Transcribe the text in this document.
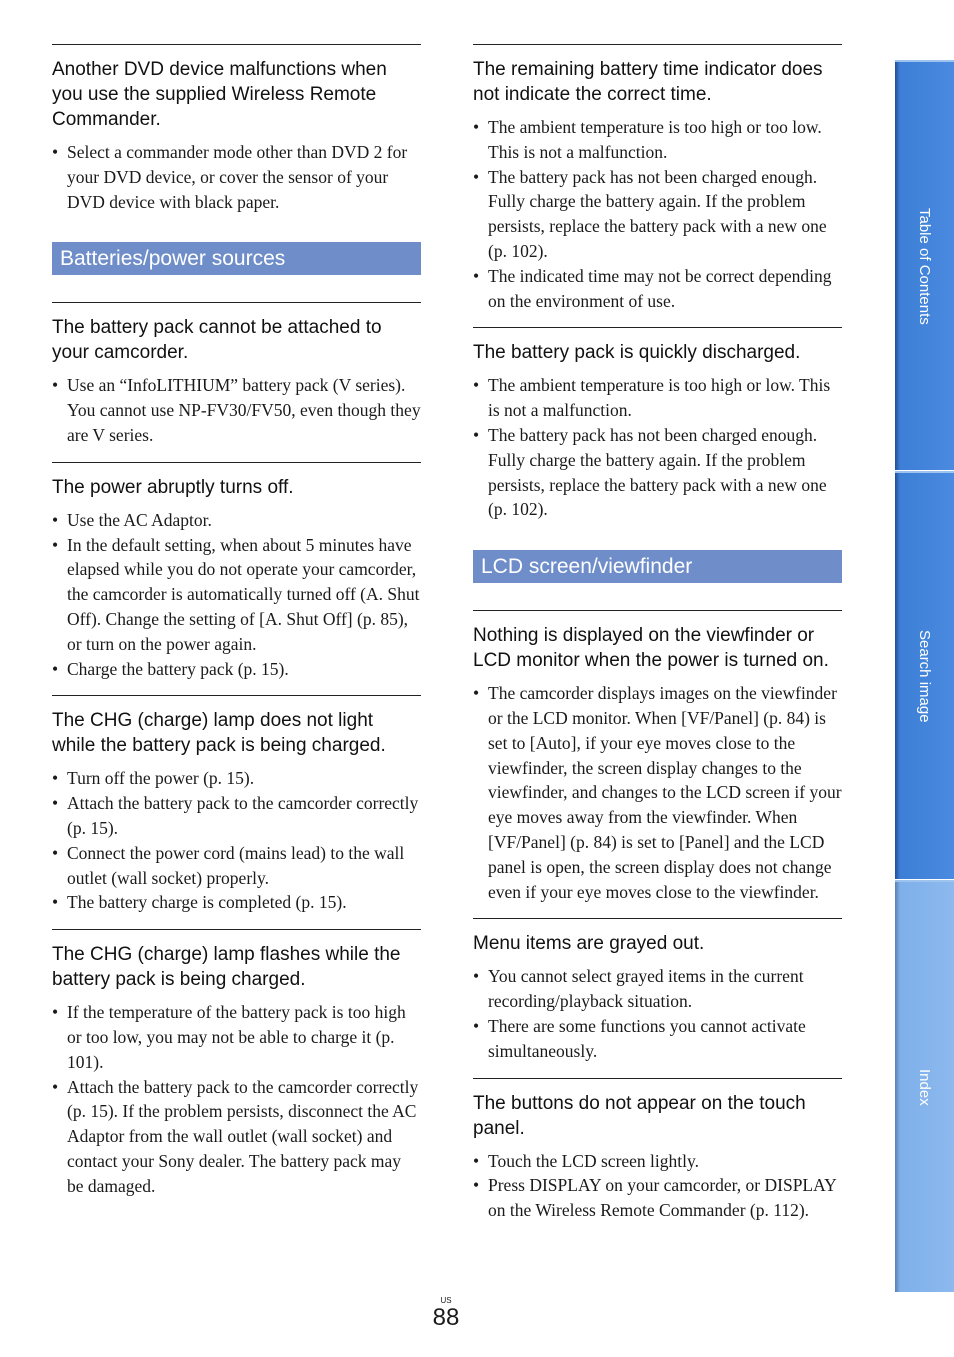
Another DVD device malfunctions when you use the supplied Wireless Remote Commander.

• Select a commander mode other than DVD 2 for your DVD device, or cover the sensor of your DVD device with black paper.
Batteries/power sources

The battery pack cannot be attached to your camcorder.

• Use an “InfoLITHIUM” battery pack (V series). You cannot use NP-FV30/FV50, even though they are V series.

The power abruptly turns off.

• Use the AC Adaptor.
• In the default setting, when about 5 minutes have elapsed while you do not operate your camcorder, the camcorder is automatically turned off (A. Shut Off). Change the setting of [A. Shut Off] (p. 85), or turn on the power again.
• Charge the battery pack (p. 15).

The CHG (charge) lamp does not light while the battery pack is being charged.

• Turn off the power (p. 15).
• Attach the battery pack to the camcorder correctly (p. 15).
• Connect the power cord (mains lead) to the wall outlet (wall socket) properly.
• The battery charge is completed (p. 15).

The CHG (charge) lamp flashes while the battery pack is being charged.

• If the temperature of the battery pack is too high or too low, you may not be able to charge it (p. 101).
• Attach the battery pack to the camcorder correctly (p. 15). If the problem persists, disconnect the AC Adaptor from the wall outlet (wall socket) and contact your Sony dealer. The battery pack may be damaged.

The remaining battery time indicator does not indicate the correct time.

• The ambient temperature is too high or too low. This is not a malfunction.
• The battery pack has not been charged enough. Fully charge the battery again. If the problem persists, replace the battery pack with a new one (p. 102).
• The indicated time may not be correct depending on the environment of use.

The battery pack is quickly discharged.

• The ambient temperature is too high or low. This is not a malfunction.
• The battery pack has not been charged enough. Fully charge the battery again. If the problem persists, replace the battery pack with a new one (p. 102).
LCD screen/viewfinder

Nothing is displayed on the viewfinder or LCD monitor when the power is turned on.

• The camcorder displays images on the viewfinder or the LCD monitor. When [VF/Panel] (p. 84) is set to [Auto], if your eye moves close to the viewfinder, the screen display changes to the viewfinder, and changes to the LCD screen if your eye moves away from the viewfinder. When [VF/Panel] (p. 84) is set to [Panel] and the LCD panel is open, the screen display does not change even if your eye moves close to the viewfinder.

Menu items are grayed out.

• You cannot select grayed items in the current recording/playback situation.
• There are some functions you cannot activate simultaneously.

The buttons do not appear on the touch panel.

• Touch the LCD screen lightly.
• Press DISPLAY on your camcorder, or DISPLAY on the Wireless Remote Commander (p. 112).
Table of Contents
Search image
Index
US
88
